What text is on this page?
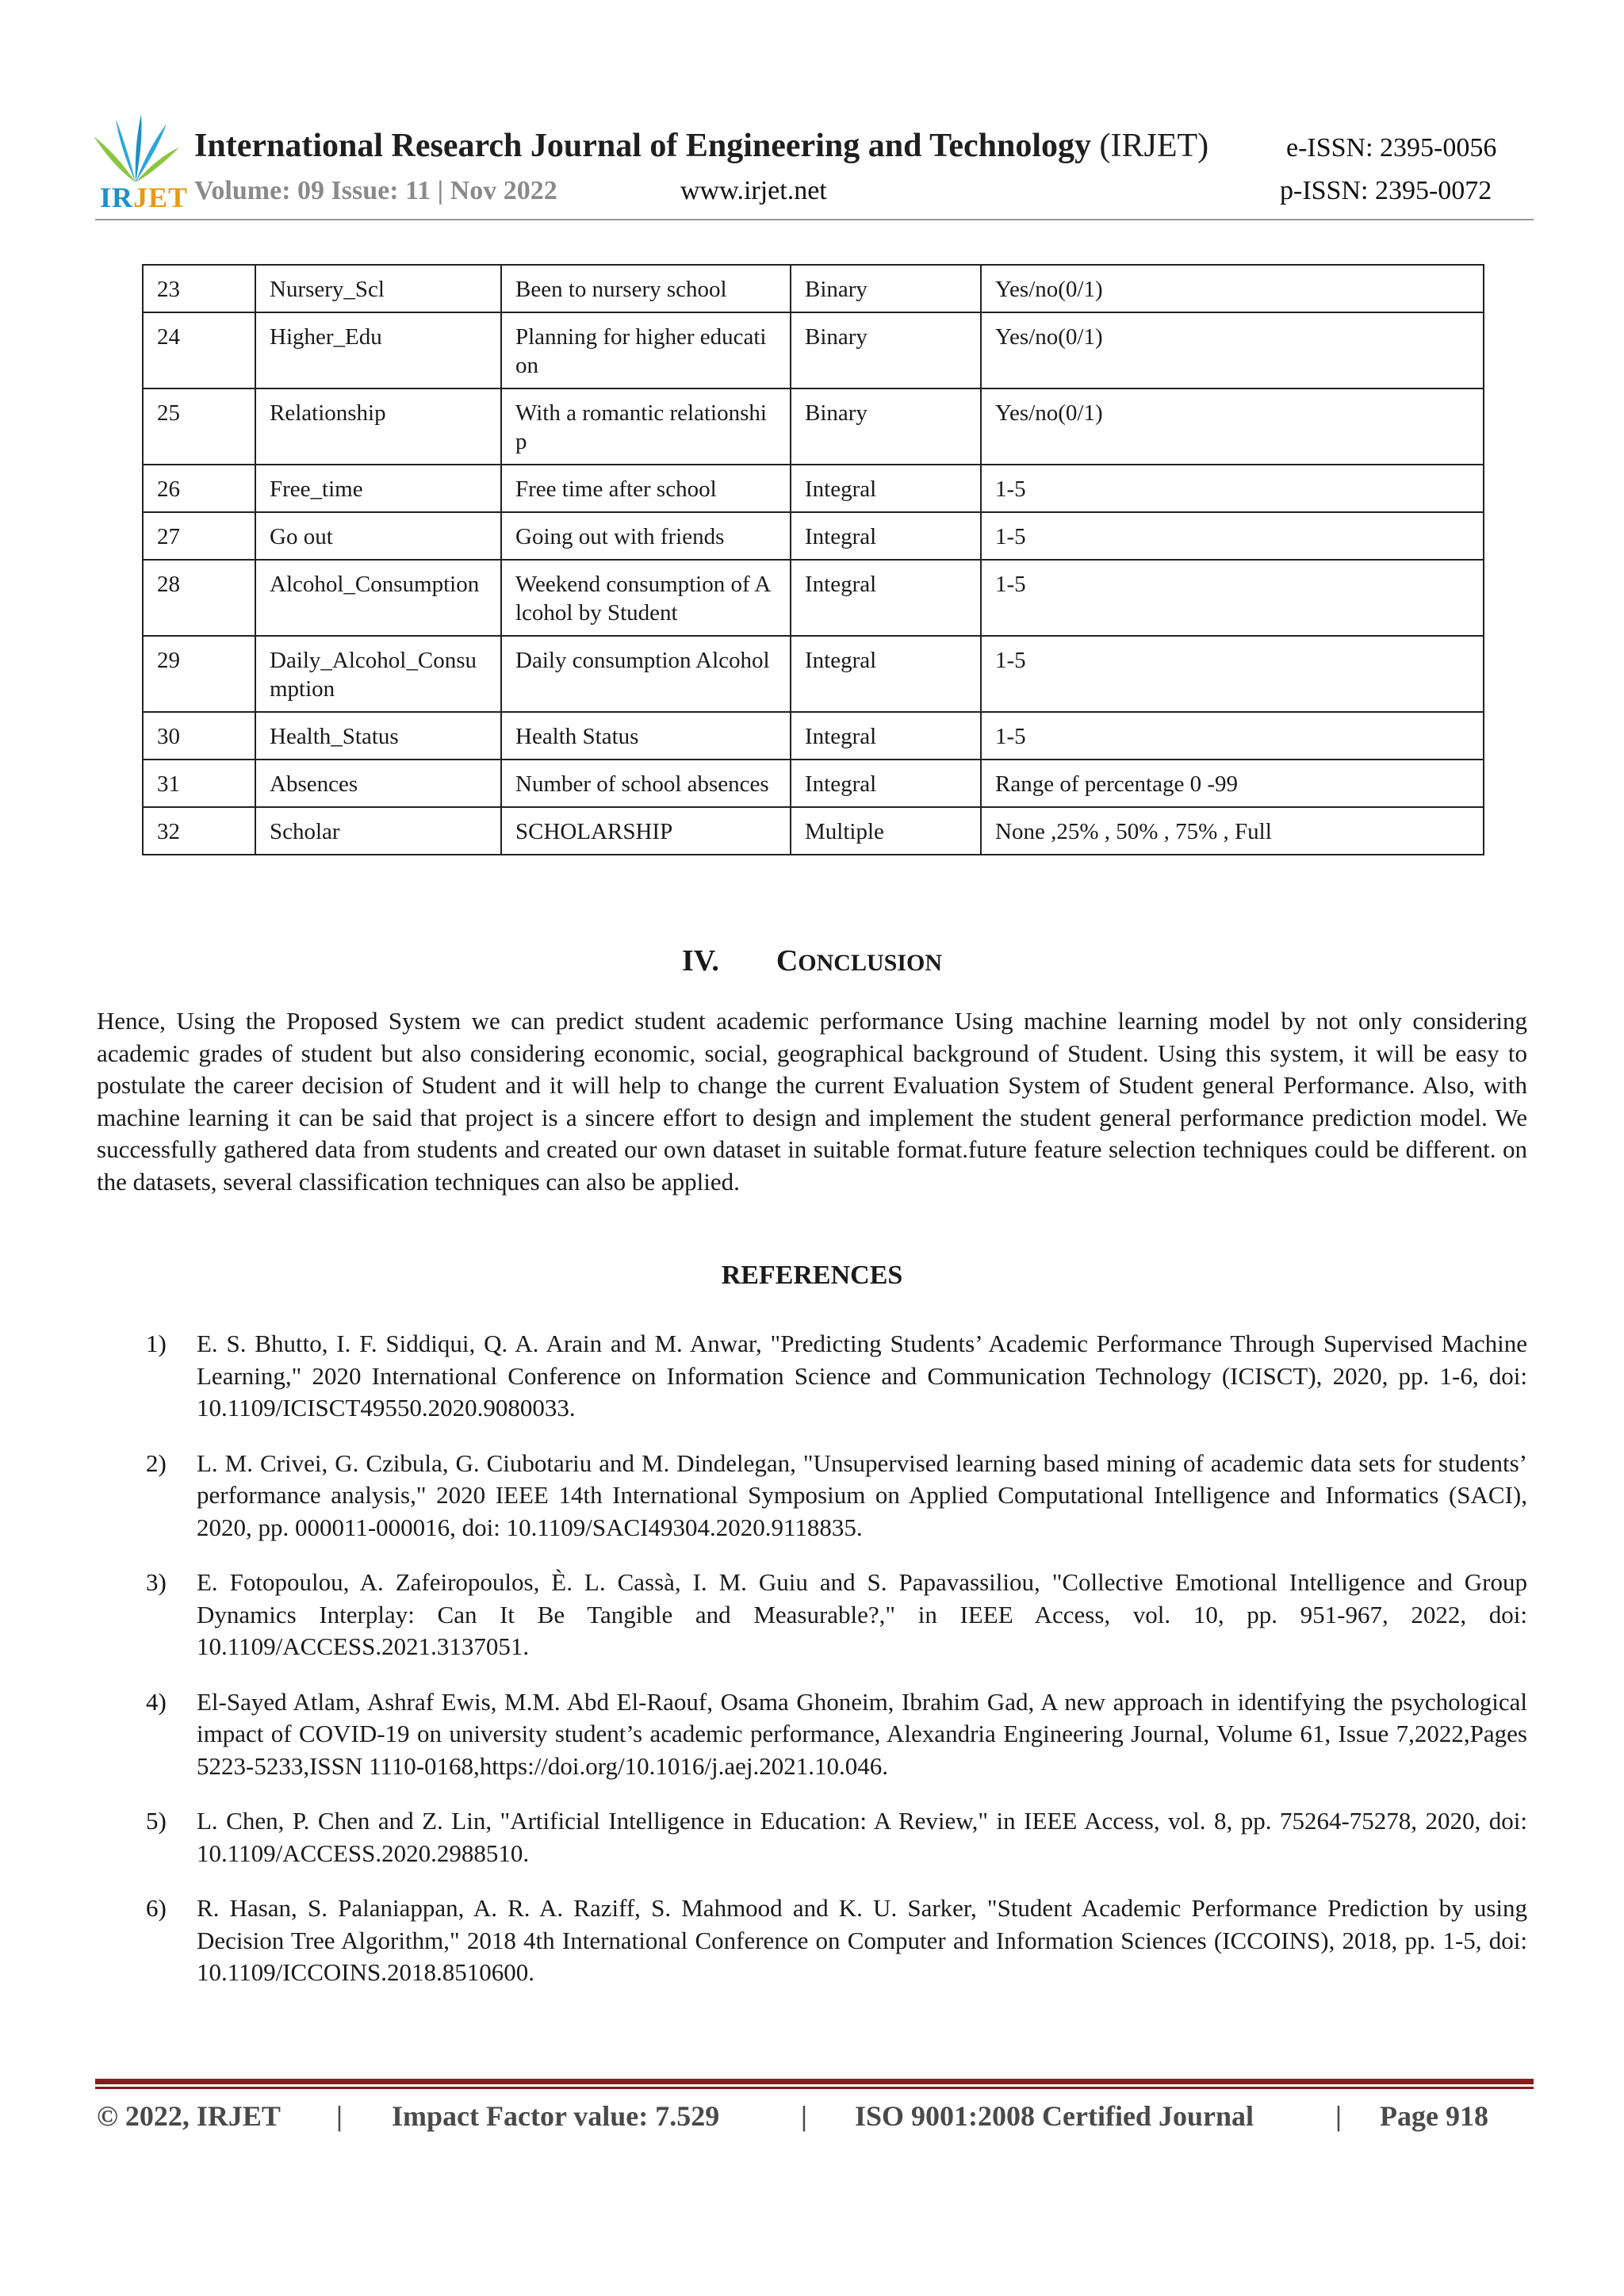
IRJET
International Research Journal of Engineering and Technology (IRJET)	e-ISSN: 2395-0056
Volume: 09 Issue: 11 | Nov 2022	www.irjet.net	p-ISSN: 2395-0072
23	Nursery_Scl	Been to nursery school	Binary	Yes/no(0/1)
24	Higher_Edu	Planning for higher education	Binary	Yes/no(0/1)
25	Relationship	With a romantic relationship	Binary	Yes/no(0/1)
26	Free_time	Free time after school	Integral	1-5
27	Go out	Going out with friends	Integral	1-5
28	Alcohol_Consumption	Weekend consumption of Alcohol by Student	Integral	1-5
29	Daily_Alcohol_Consumption	Daily consumption Alcohol	Integral	1-5
30	Health_Status	Health Status	Integral	1-5
31	Absences	Number of school absences	Integral	Range of percentage 0 -99
32	Scholar	SCHOLARSHIP	Multiple	None ,25% , 50% , 75% , Full
IV. CONCLUSION
Hence, Using the Proposed System we can predict student academic performance Using machine learning model by not only considering academic grades of student but also considering economic, social, geographical background of Student. Using this system, it will be easy to postulate the career decision of Student and it will help to change the current Evaluation System of Student general Performance. Also, with machine learning it can be said that project is a sincere effort to design and implement the student general performance prediction model. We successfully gathered data from students and created our own dataset in suitable format.future feature selection techniques could be different. on the datasets, several classification techniques can also be applied.
REFERENCES
1) E. S. Bhutto, I. F. Siddiqui, Q. A. Arain and M. Anwar, "Predicting Students’ Academic Performance Through Supervised Machine Learning," 2020 International Conference on Information Science and Communication Technology (ICISCT), 2020, pp. 1-6, doi: 10.1109/ICISCT49550.2020.9080033.
2) L. M. Crivei, G. Czibula, G. Ciubotariu and M. Dindelegan, "Unsupervised learning based mining of academic data sets for students’ performance analysis," 2020 IEEE 14th International Symposium on Applied Computational Intelligence and Informatics (SACI), 2020, pp. 000011-000016, doi: 10.1109/SACI49304.2020.9118835.
3) E. Fotopoulou, A. Zafeiropoulos, È. L. Cassà, I. M. Guiu and S. Papavassiliou, "Collective Emotional Intelligence and Group Dynamics Interplay: Can It Be Tangible and Measurable?," in IEEE Access, vol. 10, pp. 951-967, 2022, doi: 10.1109/ACCESS.2021.3137051.
4) El-Sayed Atlam, Ashraf Ewis, M.M. Abd El-Raouf, Osama Ghoneim, Ibrahim Gad, A new approach in identifying the psychological impact of COVID-19 on university student’s academic performance, Alexandria Engineering Journal, Volume 61, Issue 7,2022,Pages 5223-5233,ISSN 1110-0168,https://doi.org/10.1016/j.aej.2021.10.046.
5) L. Chen, P. Chen and Z. Lin, "Artificial Intelligence in Education: A Review," in IEEE Access, vol. 8, pp. 75264-75278, 2020, doi: 10.1109/ACCESS.2020.2988510.
6) R. Hasan, S. Palaniappan, A. R. A. Raziff, S. Mahmood and K. U. Sarker, "Student Academic Performance Prediction by using Decision Tree Algorithm," 2018 4th International Conference on Computer and Information Sciences (ICCOINS), 2018, pp. 1-5, doi: 10.1109/ICCOINS.2018.8510600.
© 2022, IRJET | Impact Factor value: 7.529	| ISO 9001:2008 Certified Journal	| Page 918
